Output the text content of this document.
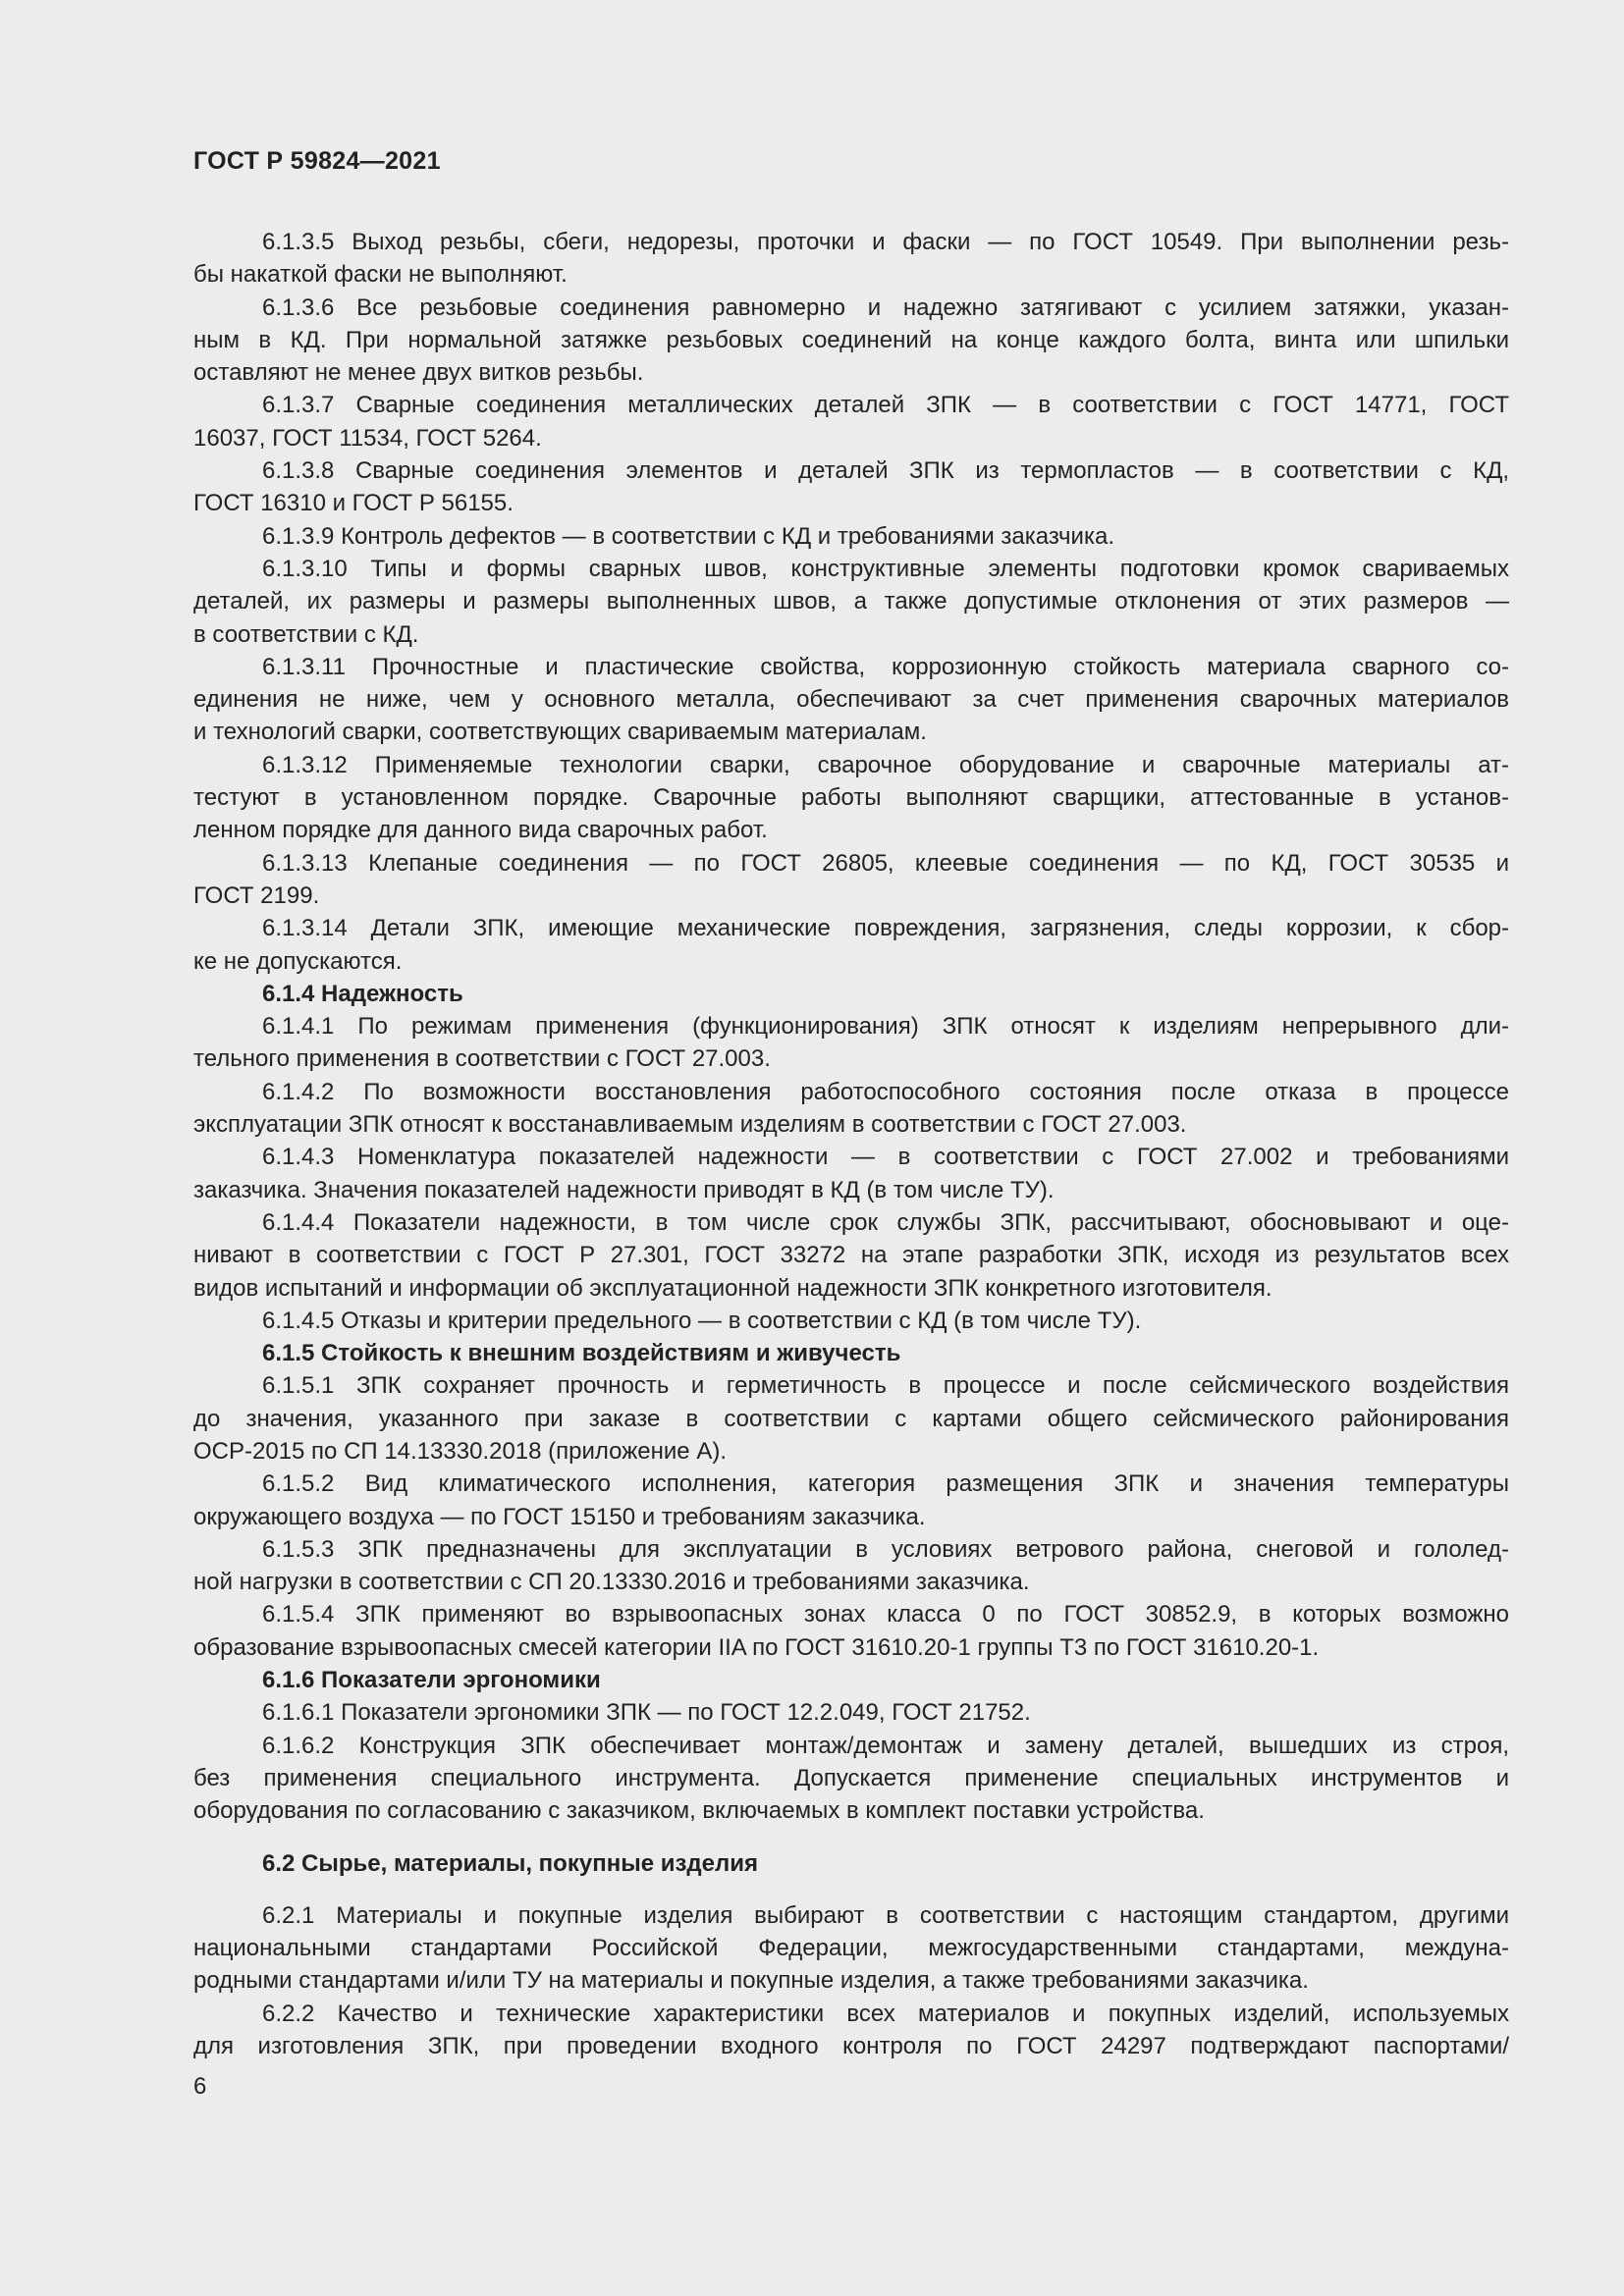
ГОСТ Р 59824—2021
6.1.3.5 Выход резьбы, сбеги, недорезы, проточки и фаски — по ГОСТ 10549. При выполнении резь-
бы накаткой фаски не выполняют.
6.1.3.6 Все резьбовые соединения равномерно и надежно затягивают с усилием затяжки, указан-
ным в КД. При нормальной затяжке резьбовых соединений на конце каждого болта, винта или шпильки
оставляют не менее двух витков резьбы.
6.1.3.7 Сварные соединения металлических деталей ЗПК — в соответствии с ГОСТ 14771, ГОСТ
16037, ГОСТ 11534, ГОСТ 5264.
6.1.3.8 Сварные соединения элементов и деталей ЗПК из термопластов — в соответствии с КД,
ГОСТ 16310 и ГОСТ Р 56155.
6.1.3.9 Контроль дефектов — в соответствии с КД и требованиями заказчика.
6.1.3.10 Типы и формы сварных швов, конструктивные элементы подготовки кромок свариваемых
деталей, их размеры и размеры выполненных швов, а также допустимые отклонения от этих размеров —
в соответствии с КД.
6.1.3.11 Прочностные и пластические свойства, коррозионную стойкость материала сварного со-
единения не ниже, чем у основного металла, обеспечивают за счет применения сварочных материалов
и технологий сварки, соответствующих свариваемым материалам.
6.1.3.12 Применяемые технологии сварки, сварочное оборудование и сварочные материалы ат-
тестуют в установленном порядке. Сварочные работы выполняют сварщики, аттестованные в установ-
ленном порядке для данного вида сварочных работ.
6.1.3.13 Клепаные соединения — по ГОСТ 26805, клеевые соединения — по КД, ГОСТ 30535 и
ГОСТ 2199.
6.1.3.14 Детали ЗПК, имеющие механические повреждения, загрязнения, следы коррозии, к сбор-
ке не допускаются.
6.1.4 Надежность
6.1.4.1 По режимам применения (функционирования) ЗПК относят к изделиям непрерывного дли-
тельного применения в соответствии с ГОСТ 27.003.
6.1.4.2 По возможности восстановления работоспособного состояния после отказа в процессе
эксплуатации ЗПК относят к восстанавливаемым изделиям в соответствии с ГОСТ 27.003.
6.1.4.3 Номенклатура показателей надежности — в соответствии с ГОСТ 27.002 и требованиями
заказчика. Значения показателей надежности приводят в КД (в том числе ТУ).
6.1.4.4 Показатели надежности, в том числе срок службы ЗПК, рассчитывают, обосновывают и оце-
нивают в соответствии с ГОСТ Р 27.301, ГОСТ 33272 на этапе разработки ЗПК, исходя из результатов всех
видов испытаний и информации об эксплуатационной надежности ЗПК конкретного изготовителя.
6.1.4.5 Отказы и критерии предельного — в соответствии с КД (в том числе ТУ).
6.1.5 Стойкость к внешним воздействиям и живучесть
6.1.5.1 ЗПК сохраняет прочность и герметичность в процессе и после сейсмического воздействия
до значения, указанного при заказе в соответствии с картами общего сейсмического районирования
ОСР-2015 по СП 14.13330.2018 (приложение А).
6.1.5.2 Вид климатического исполнения, категория размещения ЗПК и значения температуры
окружающего воздуха — по ГОСТ 15150 и требованиям заказчика.
6.1.5.3 ЗПК предназначены для эксплуатации в условиях ветрового района, снеговой и гололед-
ной нагрузки в соответствии с СП 20.13330.2016 и требованиями заказчика.
6.1.5.4 ЗПК применяют во взрывоопасных зонах класса 0 по ГОСТ 30852.9, в которых возможно
образование взрывоопасных смесей категории IIA по ГОСТ 31610.20-1 группы Т3 по ГОСТ 31610.20-1.
6.1.6 Показатели эргономики
6.1.6.1 Показатели эргономики ЗПК — по ГОСТ 12.2.049, ГОСТ 21752.
6.1.6.2 Конструкция ЗПК обеспечивает монтаж/демонтаж и замену деталей, вышедших из строя,
без применения специального инструмента. Допускается применение специальных инструментов и
оборудования по согласованию с заказчиком, включаемых в комплект поставки устройства.
6.2 Сырье, материалы, покупные изделия
6.2.1 Материалы и покупные изделия выбирают в соответствии с настоящим стандартом, другими
национальными стандартами Российской Федерации, межгосударственными стандартами, междуна-
родными стандартами и/или ТУ на материалы и покупные изделия, а также требованиями заказчика.
6.2.2 Качество и технические характеристики всех материалов и покупных изделий, используемых
для изготовления ЗПК, при проведении входного контроля по ГОСТ 24297 подтверждают паспортами/
6
